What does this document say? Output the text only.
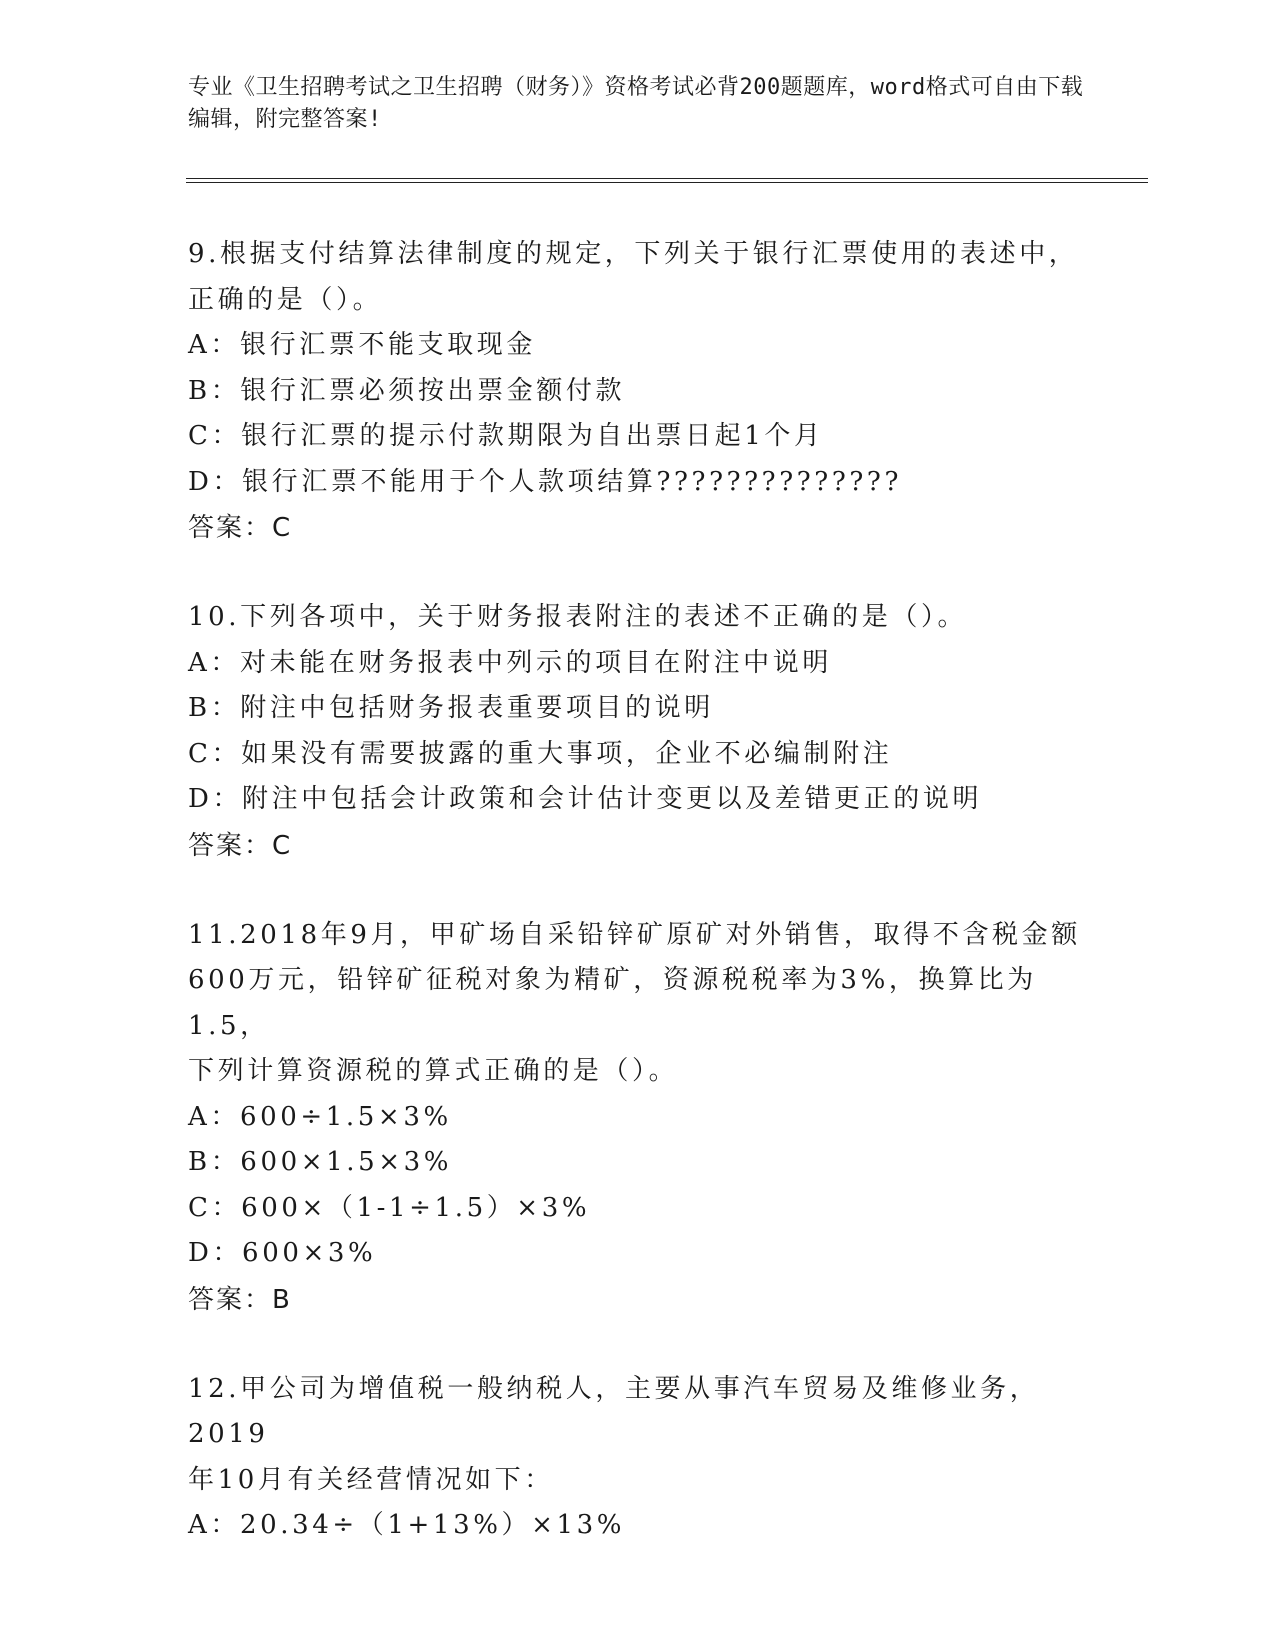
专业《卫生招聘考试之卫生招聘（财务）》资格考试必背200题题库，word格式可自由下载编辑，附完整答案!
9.根据支付结算法律制度的规定，下列关于银行汇票使用的表述中，
正确的是（）。
A：银行汇票不能支取现金
B：银行汇票必须按出票金额付款
C：银行汇票的提示付款期限为自出票日起1个月
D：银行汇票不能用于个人款项结算??????????????
答案：C
10.下列各项中，关于财务报表附注的表述不正确的是（）。
A：对未能在财务报表中列示的项目在附注中说明
B：附注中包括财务报表重要项目的说明
C：如果没有需要披露的重大事项，企业不必编制附注
D：附注中包括会计政策和会计估计变更以及差错更正的说明
答案：C
11.2018年9月，甲矿场自采铅锌矿原矿对外销售，取得不含税金额
600万元，铅锌矿征税对象为精矿，资源税税率为3%，换算比为1.5，
下列计算资源税的算式正确的是（）。
A：600÷1.5×3%
B：600×1.5×3%
C：600×（1-1÷1.5）×3%
D：600×3%
答案：B
12.甲公司为增值税一般纳税人，主要从事汽车贸易及维修业务，2019
年10月有关经营情况如下：
A：20.34÷（1+13%）×13%
